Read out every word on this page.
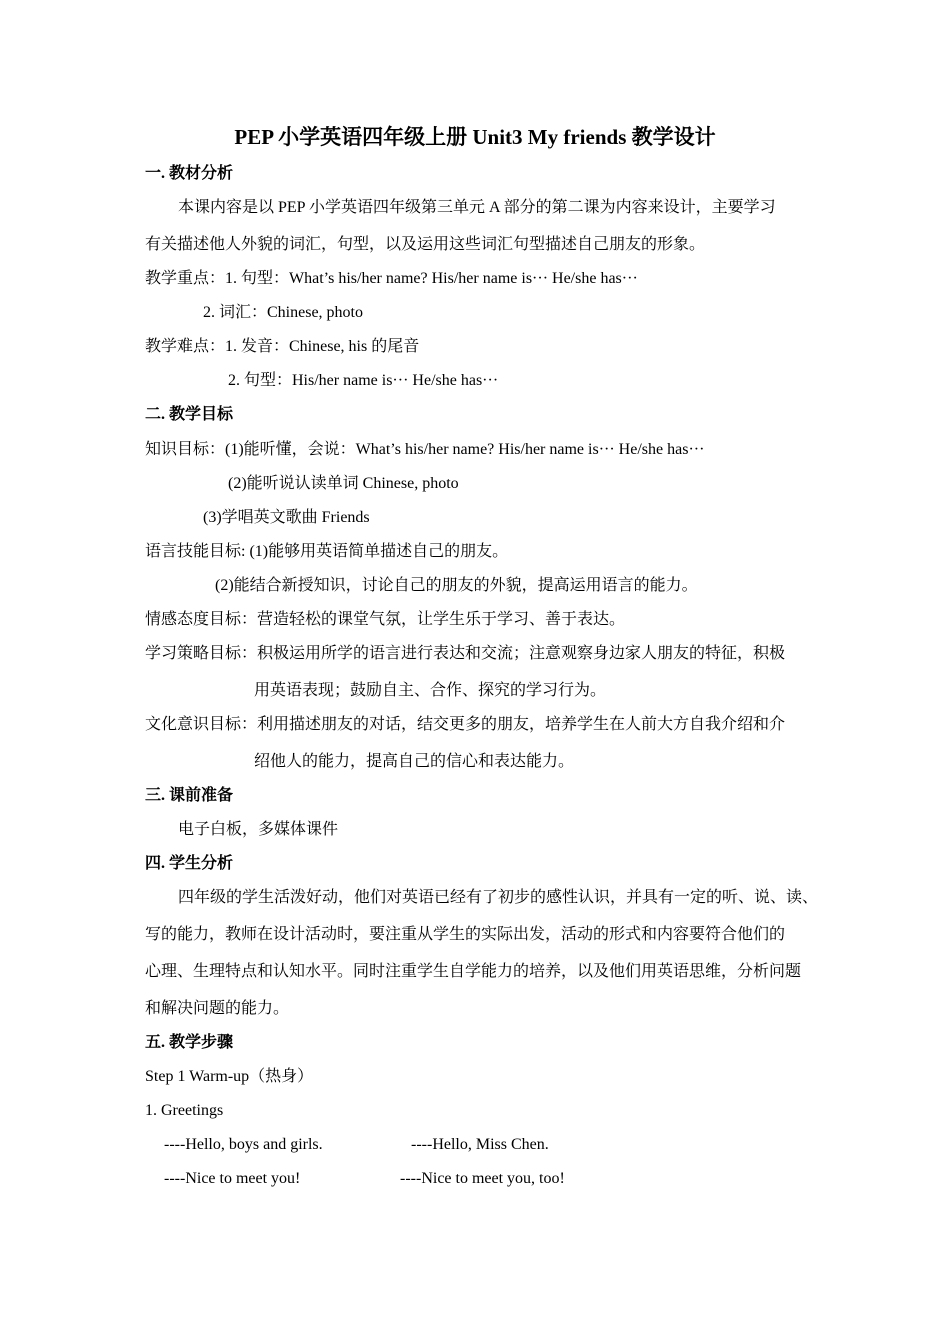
PEP 小学英语四年级上册 Unit3 My friends 教学设计
一. 教材分析
本课内容是以 PEP 小学英语四年级第三单元 A 部分的第二课为内容来设计，主要学习
有关描述他人外貌的词汇，句型，以及运用这些词汇句型描述自己朋友的形象。
教学重点：1. 句型：What’s his/her name? His/her name is··· He/she has···
2. 词汇：Chinese, photo
教学难点：1. 发音：Chinese, his 的尾音
2. 句型：His/her name is··· He/she has···
二. 教学目标
知识目标：(1)能听懂，会说：What’s his/her name? His/her name is··· He/she has···
(2)能听说认读单词 Chinese, photo
(3)学唱英文歌曲 Friends
语言技能目标: (1)能够用英语简单描述自己的朋友。
(2)能结合新授知识，讨论自己的朋友的外貌，提高运用语言的能力。
情感态度目标：营造轻松的课堂气氛，让学生乐于学习、善于表达。
学习策略目标：积极运用所学的语言进行表达和交流；注意观察身边家人朋友的特征，积极
用英语表现；鼓励自主、合作、探究的学习行为。
文化意识目标：利用描述朋友的对话，结交更多的朋友，培养学生在人前大方自我介绍和介
绍他人的能力，提高自己的信心和表达能力。
三. 课前准备
电子白板，多媒体课件
四. 学生分析
四年级的学生活泼好动，他们对英语已经有了初步的感性认识，并具有一定的听、说、读、
写的能力，教师在设计活动时，要注重从学生的实际出发，活动的形式和内容要符合他们的
心理、生理特点和认知水平。同时注重学生自学能力的培养，以及他们用英语思维，分析问题
和解决问题的能力。
五. 教学步骤
Step 1 Warm-up（热身）
1. Greetings
----Hello, boys and girls.	----Hello, Miss Chen.
----Nice to meet you!	----Nice to meet you, too!
